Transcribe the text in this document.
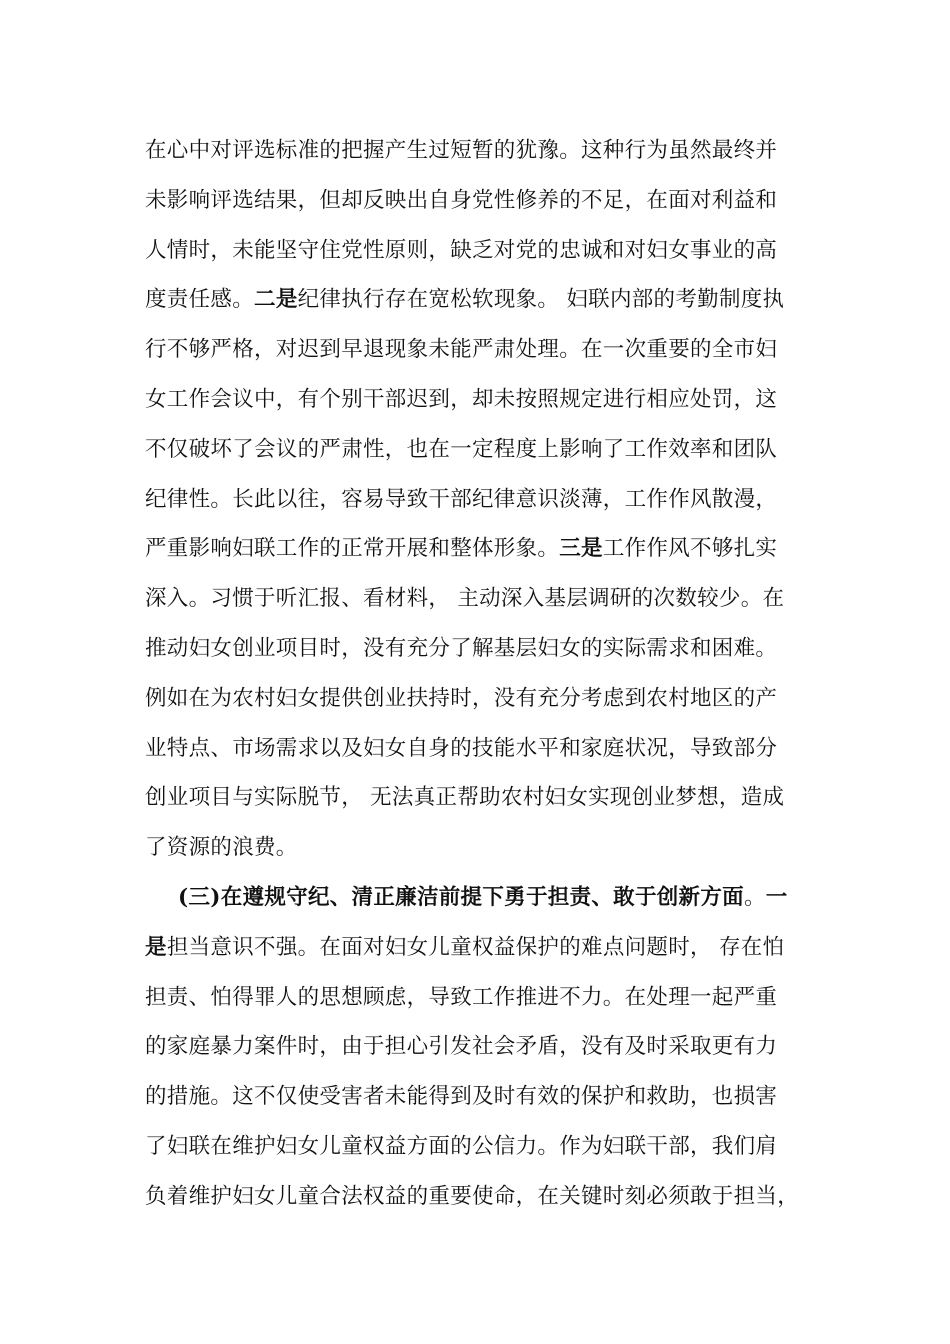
在心中对评选标准的把握产生过短暂的犹豫。这种行为虽然最终并
未影响评选结果，但却反映出自身党性修养的不足，在面对利益和
人情时，未能坚守住党性原则，缺乏对党的忠诚和对妇女事业的高
度责任感。二是纪律执行存在宽松软现象。 妇联内部的考勤制度执
行不够严格，对迟到早退现象未能严肃处理。在一次重要的全市妇
女工作会议中，有个别干部迟到，却未按照规定进行相应处罚，这
不仅破坏了会议的严肃性，也在一定程度上影响了工作效率和团队
纪律性。长此以往，容易导致干部纪律意识淡薄，工作作风散漫，
严重影响妇联工作的正常开展和整体形象。三是工作作风不够扎实
深入。习惯于听汇报、看材料， 主动深入基层调研的次数较少。在
推动妇女创业项目时，没有充分了解基层妇女的实际需求和困难。
例如在为农村妇女提供创业扶持时，没有充分考虑到农村地区的产
业特点、市场需求以及妇女自身的技能水平和家庭状况，导致部分
创业项目与实际脱节， 无法真正帮助农村妇女实现创业梦想，造成
了资源的浪费。
(三)在遵规守纪、清正廉洁前提下勇于担责、敢于创新方面。一
是担当意识不强。在面对妇女儿童权益保护的难点问题时， 存在怕
担责、怕得罪人的思想顾虑，导致工作推进不力。在处理一起严重
的家庭暴力案件时，由于担心引发社会矛盾，没有及时采取更有力
的措施。这不仅使受害者未能得到及时有效的保护和救助，也损害
了妇联在维护妇女儿童权益方面的公信力。作为妇联干部，我们肩
负着维护妇女儿童合法权益的重要使命，在关键时刻必须敢于担当，
